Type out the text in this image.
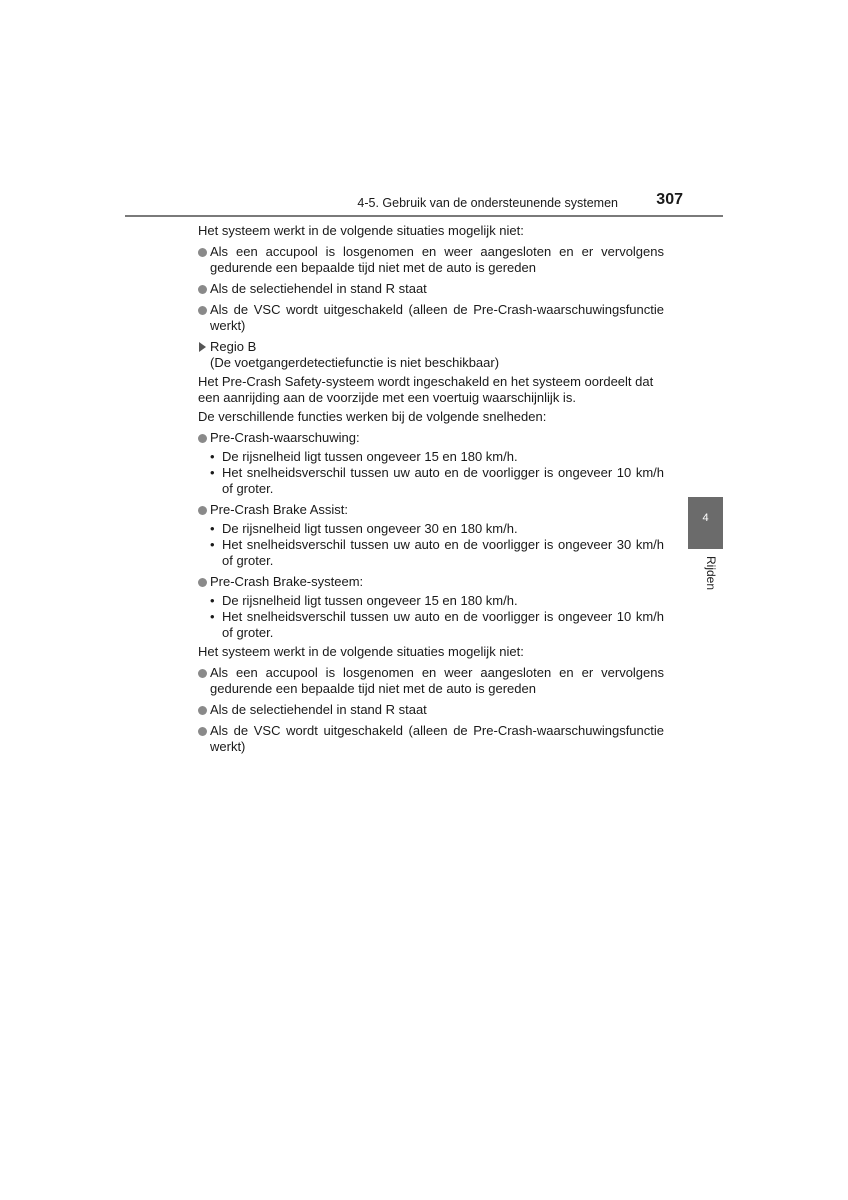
4-5. Gebruik van de ondersteunende systemen 307
4
Rijden

Het systeem werkt in de volgende situaties mogelijk niet:

Als een accupool is losgenomen en weer aangesloten en er vervolgens gedurende een bepaalde tijd niet met de auto is gereden
Als de selectiehendel in stand R staat
Als de VSC wordt uitgeschakeld (alleen de Pre-Crash-waarschuwingsfunctie werkt)
Regio B
(De voetgangerdetectiefunctie is niet beschikbaar)

Het Pre-Crash Safety-systeem wordt ingeschakeld en het systeem oordeelt dat een aanrijding aan de voorzijde met een voertuig waarschijnlijk is.

De verschillende functies werken bij de volgende snelheden:

Pre-Crash-waarschuwing:
• De rijsnelheid ligt tussen ongeveer 15 en 180 km/h.
• Het snelheidsverschil tussen uw auto en de voorligger is ongeveer 10 km/h of groter.
Pre-Crash Brake Assist:
• De rijsnelheid ligt tussen ongeveer 30 en 180 km/h.
• Het snelheidsverschil tussen uw auto en de voorligger is ongeveer 30 km/h of groter.
Pre-Crash Brake-systeem:
• De rijsnelheid ligt tussen ongeveer 15 en 180 km/h.
• Het snelheidsverschil tussen uw auto en de voorligger is ongeveer 10 km/h of groter.

Het systeem werkt in de volgende situaties mogelijk niet:

Als een accupool is losgenomen en weer aangesloten en er vervolgens gedurende een bepaalde tijd niet met de auto is gereden
Als de selectiehendel in stand R staat
Als de VSC wordt uitgeschakeld (alleen de Pre-Crash-waarschuwingsfunctie werkt)
